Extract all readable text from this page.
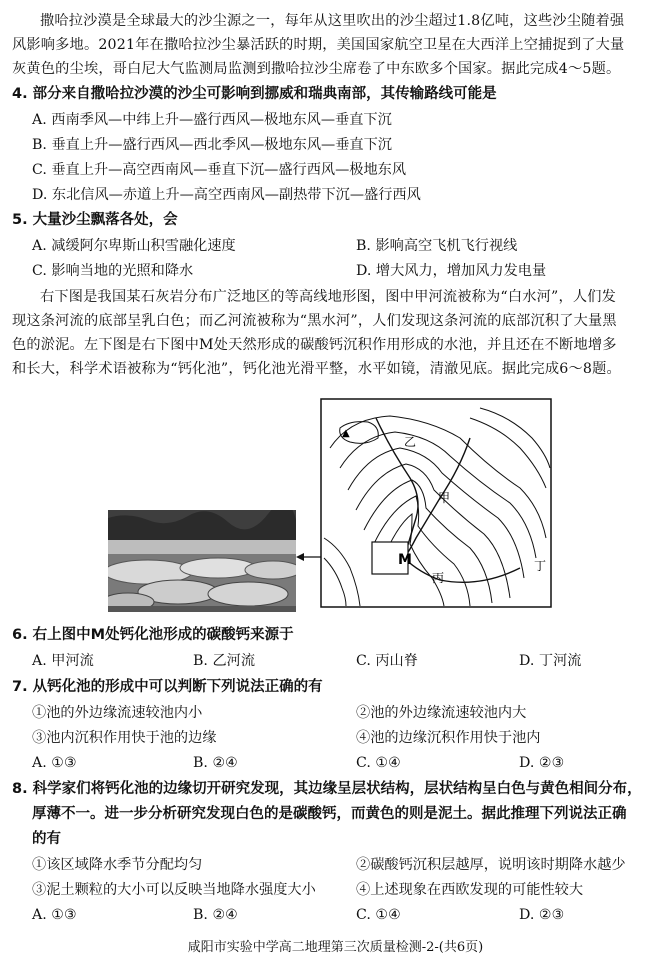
撒哈拉沙漠是全球最大的沙尘源之一，每年从这里吹出的沙尘超过1.8亿吨，这些沙尘随着强
风影响多地。2021年在撒哈拉沙尘暴活跃的时期，美国国家航空卫星在大西洋上空捕捉到了大量
灰黄色的尘埃，哥白尼大气监测局监测到撒哈拉沙尘席卷了中东欧多个国家。据此完成4～5题。
4. 部分来自撒哈拉沙漠的沙尘可影响到挪威和瑞典南部，其传输路线可能是
A. 西南季风—中纬上升—盛行西风—极地东风—垂直下沉
B. 垂直上升—盛行西风—西北季风—极地东风—垂直下沉
C. 垂直上升—高空西南风—垂直下沉—盛行西风—极地东风
D. 东北信风—赤道上升—高空西南风—副热带下沉—盛行西风
5. 大量沙尘飘落各处，会
A. 减缓阿尔卑斯山积雪融化速度	B. 影响高空飞机飞行视线
C. 影响当地的光照和降水	D. 增大风力，增加风力发电量
右下图是我国某石灰岩分布广泛地区的等高线地形图，图中甲河流被称为“白水河”，人们发
现这条河流的底部呈乳白色；而乙河流被称为“黑水河”，人们发现这条河流的底部沉积了大量黑
色的淤泥。左下图是右下图中M处天然形成的碳酸钙沉积作用形成的水池，并且还在不断地增多
和长大，科学术语被称为“钙化池”，钙化池光滑平整，水平如镜，清澈见底。据此完成6～8题。
M
▲
乙
甲
丙
丁
6. 右上图中M处钙化池形成的碳酸钙来源于
A. 甲河流	B. 乙河流	C. 丙山脊	D. 丁河流
7. 从钙化池的形成中可以判断下列说法正确的有
①池的外边缘流速较池内小	②池的外边缘流速较池内大
③池内沉积作用快于池的边缘	④池的边缘沉积作用快于池内
A. ①③	B. ②④	C. ①④	D. ②③
8. 科学家们将钙化池的边缘切开研究发现，其边缘呈层状结构，层状结构呈白色与黄色相间分布，
厚薄不一。进一步分析研究发现白色的是碳酸钙，而黄色的则是泥土。据此推理下列说法正确
的有
①该区域降水季节分配均匀	②碳酸钙沉积层越厚，说明该时期降水越少
③泥土颗粒的大小可以反映当地降水强度大小	④上述现象在西欧发现的可能性较大
A. ①③	B. ②④	C. ①④	D. ②③
咸阳市实验中学高二地理第三次质量检测-2-(共6页)
